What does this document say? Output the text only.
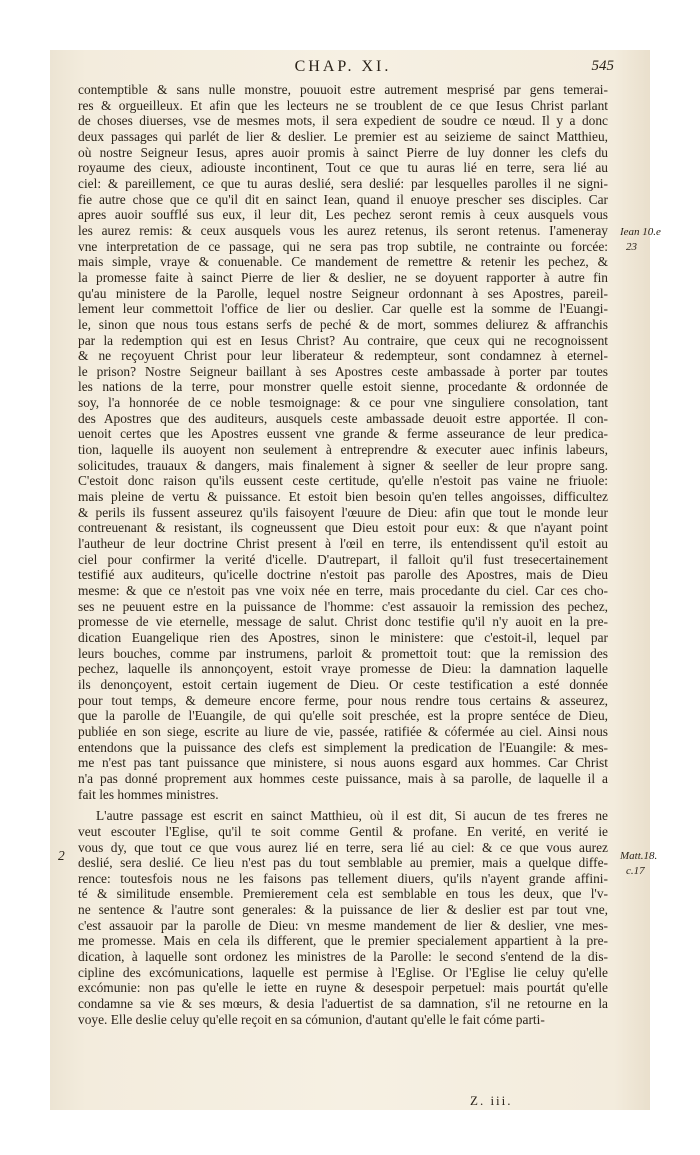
CHAP. XI.	545
contemptible & sans nulle monstre, pouuoit estre autrement mesprisé par gens temerai-
res & orgueilleux. Et afin que les lecteurs ne se troublent de ce que Iesus Christ parlant
de choses diuerses, vse de mesmes mots, il sera expedient de soudre ce nœud. Il y a donc
deux passages qui parlét de lier & deslier. Le premier est au seizieme de sainct Matthieu,
où nostre Seigneur Iesus, apres auoir promis à sainct Pierre de luy donner les clefs du
royaume des cieux, adiouste incontinent, Tout ce que tu auras lié en terre, sera lié au
ciel: & pareillement, ce que tu auras deslié, sera deslié: par lesquelles parolles il ne signi-
fie autre chose que ce qu'il dit en sainct Iean, quand il enuoye prescher ses disciples. Car
apres auoir soufflé sus eux, il leur dit, Les pechez seront remis à ceux ausquels vous
les aurez remis: & ceux ausquels vous les aurez retenus, ils seront retenus. I'ameneray
vne interpretation de ce passage, qui ne sera pas trop subtile, ne contrainte ou forcée:
mais simple, vraye & conuenable. Ce mandement de remettre & retenir les pechez, &
la promesse faite à sainct Pierre de lier & deslier, ne se doyuent rapporter à autre fin
qu'au ministere de la Parolle, lequel nostre Seigneur ordonnant à ses Apostres, pareil-
lement leur commettoit l'office de lier ou deslier. Car quelle est la somme de l'Euangi-
le, sinon que nous tous estans serfs de peché & de mort, sommes deliurez & affranchis
par la redemption qui est en Iesus Christ? Au contraire, que ceux qui ne recognoissent
& ne reçoyuent Christ pour leur liberateur & redempteur, sont condamnez à eternel-
le prison? Nostre Seigneur baillant à ses Apostres ceste ambassade à porter par toutes
les nations de la terre, pour monstrer quelle estoit sienne, procedante & ordonnée de
soy, l'a honnorée de ce noble tesmoignage: & ce pour vne singuliere consolation, tant
des Apostres que des auditeurs, ausquels ceste ambassade deuoit estre apportée. Il con-
uenoit certes que les Apostres eussent vne grande & ferme asseurance de leur predica-
tion, laquelle ils auoyent non seulement à entreprendre & executer auec infinis labeurs,
solicitudes, trauaux & dangers, mais finalement à signer & seeller de leur propre sang.
C'estoit donc raison qu'ils eussent ceste certitude, qu'elle n'estoit pas vaine ne friuole:
mais pleine de vertu & puissance. Et estoit bien besoin qu'en telles angoisses, difficultez
& perils ils fussent asseurez qu'ils faisoyent l'œuure de Dieu: afin que tout le monde leur
contreuenant & resistant, ils cogneussent que Dieu estoit pour eux: & que n'ayant point
l'autheur de leur doctrine Christ present à l'œil en terre, ils entendissent qu'il estoit au
ciel pour confirmer la verité d'icelle. D'autrepart, il falloit qu'il fust tresecertainement
testifié aux auditeurs, qu'icelle doctrine n'estoit pas parolle des Apostres, mais de Dieu
mesme: & que ce n'estoit pas vne voix née en terre, mais procedante du ciel. Car ces cho-
ses ne peuuent estre en la puissance de l'homme: c'est assauoir la remission des pechez,
promesse de vie eternelle, message de salut. Christ donc testifie qu'il n'y auoit en la pre-
dication Euangelique rien des Apostres, sinon le ministere: que c'estoit-il, lequel par
leurs bouches, comme par instrumens, parloit & promettoit tout: que la remission des
pechez, laquelle ils annonçoyent, estoit vraye promesse de Dieu: la damnation laquelle
ils denonçoyent, estoit certain iugement de Dieu. Or ceste testification a esté donnée
pour tout temps, & demeure encore ferme, pour nous rendre tous certains & asseurez,
que la parolle de l'Euangile, de qui qu'elle soit preschée, est la propre sentéce de Dieu,
publiée en son siege, escrite au liure de vie, passée, ratifiée & cófermée au ciel. Ainsi nous
entendons que la puissance des clefs est simplement la predication de l'Euangile: & mes-
me n'est pas tant puissance que ministere, si nous auons esgard aux hommes. Car Christ
n'a pas donné proprement aux hommes ceste puissance, mais à sa parolle, de laquelle il a
fait les hommes ministres.
L'autre passage est escrit en sainct Matthieu, où il est dit, Si aucun de tes freres ne
veut escouter l'Eglise, qu'il te soit comme Gentil & profane. En verité, en verité ie
vous dy, que tout ce que vous aurez lié en terre, sera lié au ciel: & ce que vous aurez
deslié, sera deslié. Ce lieu n'est pas du tout semblable au premier, mais a quelque diffe-
rence: toutesfois nous ne les faisons pas tellement diuers, qu'ils n'ayent grande affini-
té & similitude ensemble. Premierement cela est semblable en tous les deux, que l'v-
ne sentence & l'autre sont generales: & la puissance de lier & deslier est par tout vne,
c'est assauoir par la parolle de Dieu: vn mesme mandement de lier & deslier, vne mes-
me promesse. Mais en cela ils different, que le premier specialement appartient à la pre-
dication, à laquelle sont ordonez les ministres de la Parolle: le second s'entend de la dis-
cipline des excómunications, laquelle est permise à l'Eglise. Or l'Eglise lie celuy qu'elle
excómunie: non pas qu'elle le iette en ruyne & desespoir perpetuel: mais pourtát qu'elle
condamne sa vie & ses mœurs, & desia l'aduertist de sa damnation, s'il ne retourne en la
voye. Elle deslie celuy qu'elle reçoit en sa cómunion, d'autant qu'elle le fait cóme parti-
2
Iean 10.e
23
Matt.18.
c.17
Z. iii.
